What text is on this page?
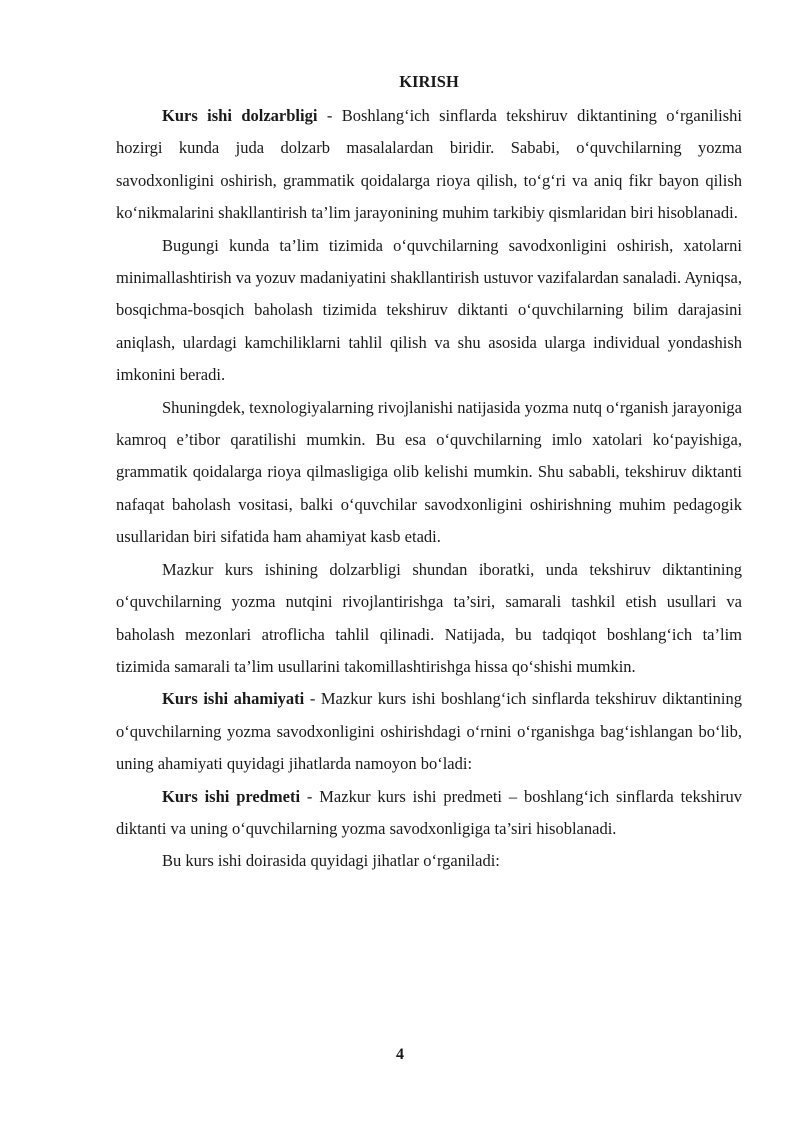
KIRISH

Kurs ishi dolzarbligi - Boshlang‘ich sinflarda tekshiruv diktantining o‘rganilishi hozirgi kunda juda dolzarb masalalardan biridir. Sababi, o‘quvchilarning yozma savodxonligini oshirish, grammatik qoidalarga rioya qilish, to‘g‘ri va aniq fikr bayon qilish ko‘nikmalarini shakllantirish ta’lim jarayonining muhim tarkibiy qismlaridan biri hisoblanadi.

Bugungi kunda ta’lim tizimida o‘quvchilarning savodxonligini oshirish, xatolarni minimallashtirish va yozuv madaniyatini shakllantirish ustuvor vazifalardan sanaladi. Ayniqsa, bosqichma-bosqich baholash tizimida tekshiruv diktanti o‘quvchilarning bilim darajasini aniqlash, ulardagi kamchiliklarni tahlil qilish va shu asosida ularga individual yondashish imkonini beradi.

Shuningdek, texnologiyalarning rivojlanishi natijasida yozma nutq o‘rganish jarayoniga kamroq e’tibor qaratilishi mumkin. Bu esa o‘quvchilarning imlo xatolari ko‘payishiga, grammatik qoidalarga rioya qilmasligiga olib kelishi mumkin. Shu sababli, tekshiruv diktanti nafaqat baholash vositasi, balki o‘quvchilar savodxonligini oshirishning muhim pedagogik usullaridan biri sifatida ham ahamiyat kasb etadi.

Mazkur kurs ishining dolzarbligi shundan iboratki, unda tekshiruv diktantining o‘quvchilarning yozma nutqini rivojlantirishga ta’siri, samarali tashkil etish usullari va baholash mezonlari atroflicha tahlil qilinadi. Natijada, bu tadqiqot boshlang‘ich ta’lim tizimida samarali ta’lim usullarini takomillashtirishga hissa qo‘shishi mumkin.

Kurs ishi ahamiyati - Mazkur kurs ishi boshlang‘ich sinflarda tekshiruv diktantining o‘quvchilarning yozma savodxonligini oshirishdagi o‘rnini o‘rganishga bag‘ishlangan bo‘lib, uning ahamiyati quyidagi jihatlarda namoyon bo‘ladi:

Kurs ishi predmeti - Mazkur kurs ishi predmeti – boshlang‘ich sinflarda tekshiruv diktanti va uning o‘quvchilarning yozma savodxonligiga ta’siri hisoblanadi.

Bu kurs ishi doirasida quyidagi jihatlar o‘rganiladi:

4
